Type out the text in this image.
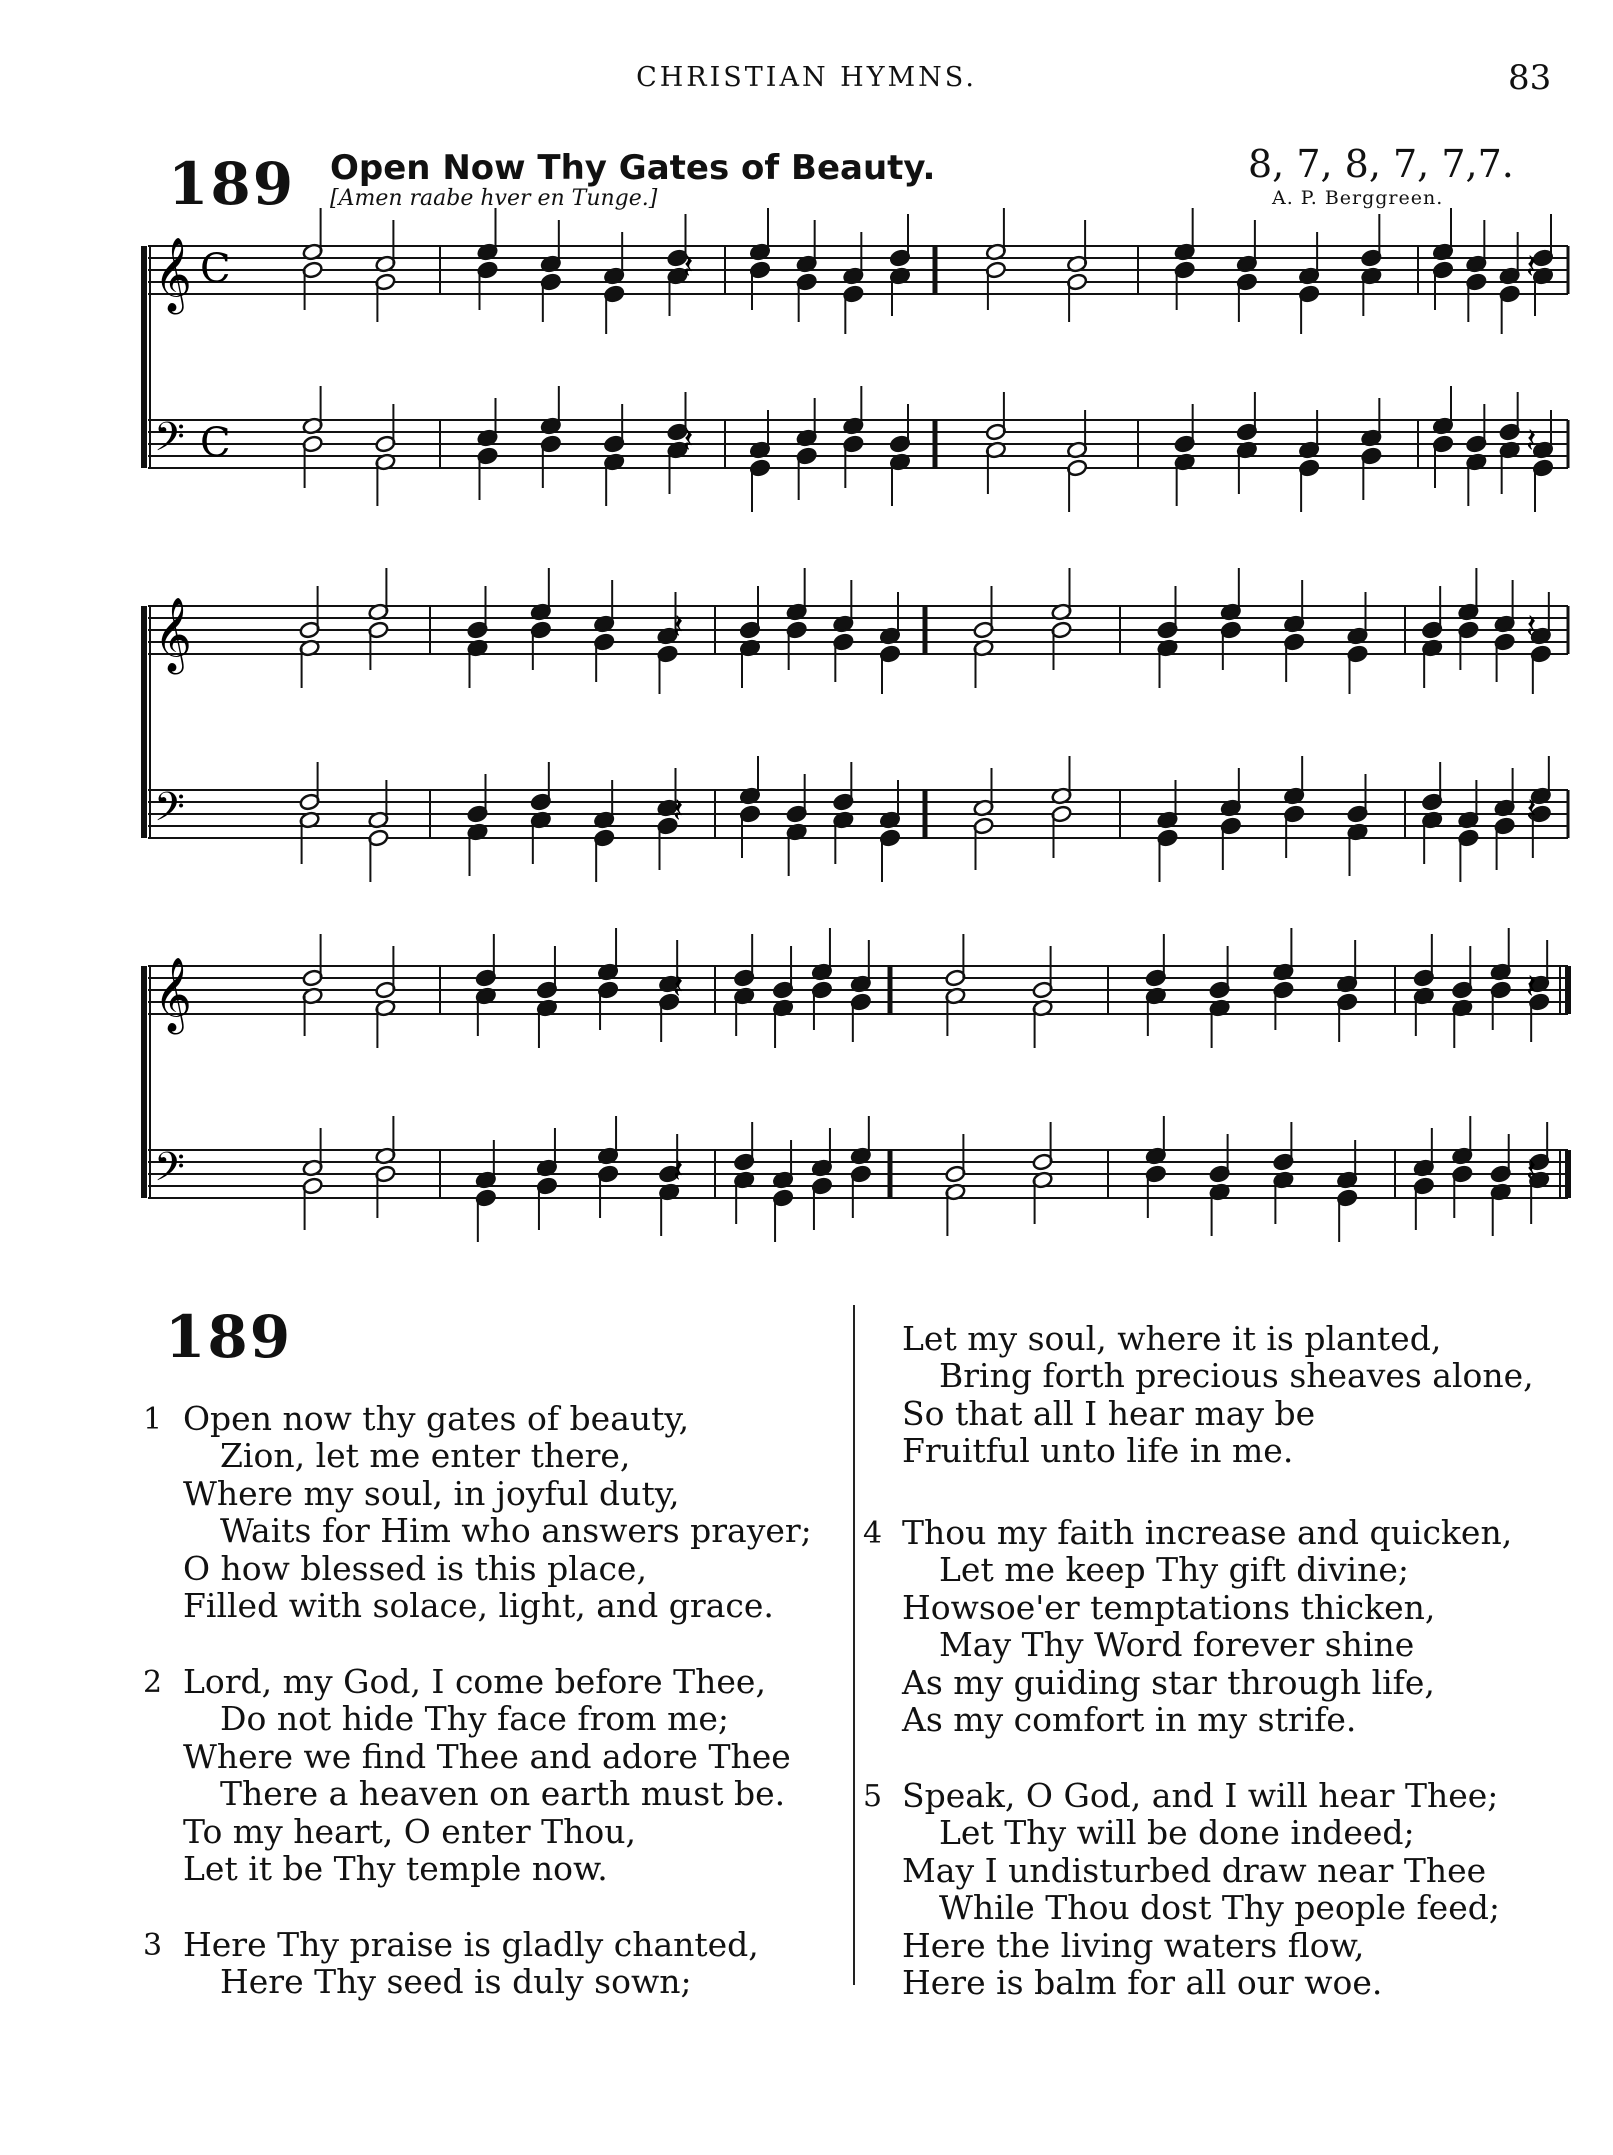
CHRISTIAN HYMNS.	83
189 Open Now Thy Gates of Beauty.
[Amen raabe hver en Tunge.]
8, 7, 8, 7, 7,7.
A. P. Berggreen.
𝄞 C
𝄢 C
𝄽
𝄽
𝄽
𝄽
𝄞
𝄢
𝄽
𝄽
𝄽
𝄽
𝄞
𝄢
𝄽
𝄽
𝄽
𝄽
189
1 Open now thy gates of beauty,
Zion, let me enter there,
Where my soul, in joyful duty,
Waits for Him who answers prayer;
O how blessed is this place,
Filled with solace, light, and grace.
2 Lord, my God, I come before Thee,
Do not hide Thy face from me;
Where we find Thee and adore Thee
There a heaven on earth must be.
To my heart, O enter Thou,
Let it be Thy temple now.
3 Here Thy praise is gladly chanted,
Here Thy seed is duly sown;
Let my soul, where it is planted,
Bring forth precious sheaves alone,
So that all I hear may be
Fruitful unto life in me.
4 Thou my faith increase and quicken,
Let me keep Thy gift divine;
Howsoe'er temptations thicken,
May Thy Word forever shine
As my guiding star through life,
As my comfort in my strife.
5 Speak, O God, and I will hear Thee;
Let Thy will be done indeed;
May I undisturbed draw near Thee
While Thou dost Thy people feed;
Here the living waters flow,
Here is balm for all our woe.
